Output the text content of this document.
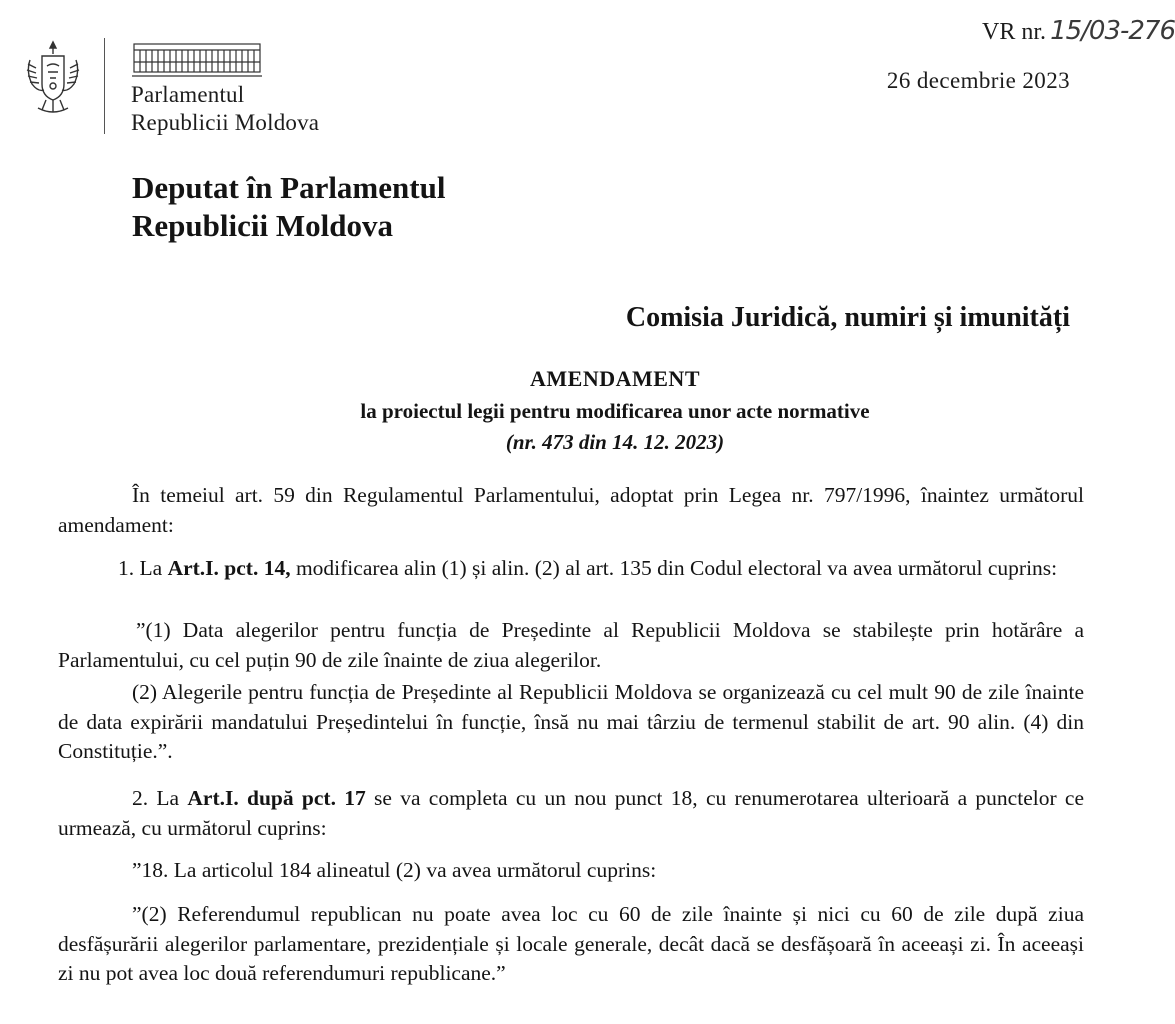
Parlamentul
Republicii Moldova
VR nr. 15/03-276
26 decembrie 2023
Deputat în Parlamentul
Republicii Moldova
Comisia Juridică, numiri și imunități
AMENDAMENT
la proiectul legii pentru modificarea unor acte normative
(nr. 473 din 14. 12. 2023)
În temeiul art. 59 din Regulamentul Parlamentului, adoptat prin Legea nr. 797/1996, înaintez următorul amendament:
1. La Art.I. pct. 14, modificarea alin (1) și alin. (2) al art. 135 din Codul electoral va avea următorul cuprins:
”(1) Data alegerilor pentru funcția de Președinte al Republicii Moldova se stabilește prin hotărâre a Parlamentului, cu cel puțin 90 de zile înainte de ziua alegerilor.
(2) Alegerile pentru funcția de Președinte al Republicii Moldova se organizează cu cel mult 90 de zile înainte de data expirării mandatului Președintelui în funcție, însă nu mai târziu de termenul stabilit de art. 90 alin. (4) din Constituție.”.
2. La Art.I. după pct. 17 se va completa cu un nou punct 18, cu renumerotarea ulterioară a punctelor ce urmează, cu următorul cuprins:
”18. La articolul 184 alineatul (2) va avea următorul cuprins:
”(2) Referendumul republican nu poate avea loc cu 60 de zile înainte și nici cu 60 de zile după ziua desfășurării alegerilor parlamentare, prezidențiale și locale generale, decât dacă se desfășoară în aceeași zi. În aceeași zi nu pot avea loc două referendumuri republicane.”
